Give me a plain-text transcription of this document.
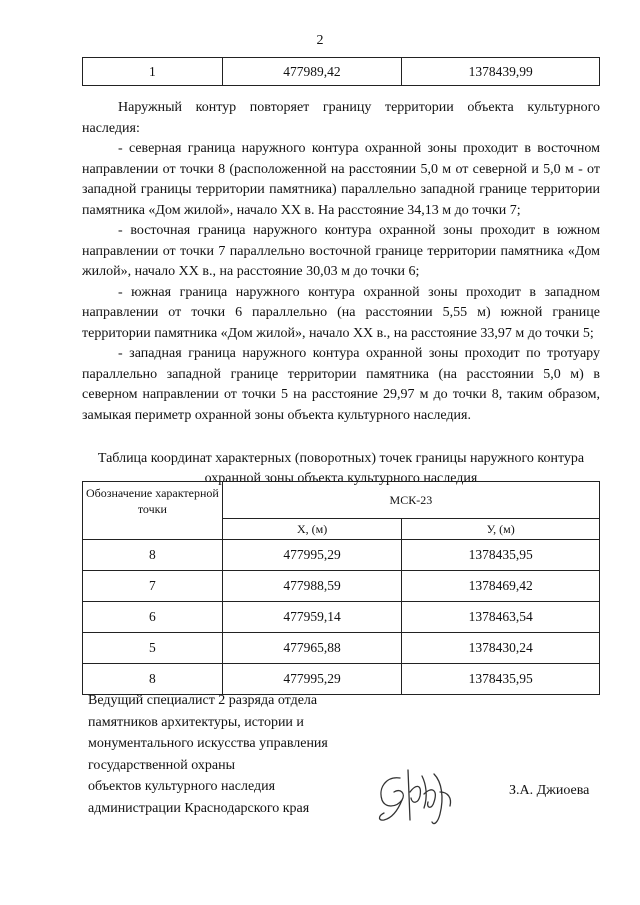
2
1	477989,42	1378439,99

Наружный контур повторяет границу территории объекта культурного наследия:

- северная граница наружного контура охранной зоны проходит в восточном направлении от точки 8 (расположенной на расстоянии 5,0 м от северной и 5,0 м - от западной границы территории памятника) параллельно западной границе территории памятника «Дом жилой», начало XX в. На расстояние 34,13 м до точки 7;

- восточная граница наружного контура охранной зоны проходит в южном направлении от точки 7 параллельно восточной границе территории памятника «Дом жилой», начало XX в., на расстояние 30,03 м до точки 6;

- южная граница наружного контура охранной зоны проходит в западном направлении от точки 6 параллельно (на расстоянии 5,55 м) южной границе территории памятника «Дом жилой», начало XX в., на расстояние 33,97 м до точки 5;

- западная граница наружного контура охранной зоны проходит по тротуару параллельно западной границе территории памятника (на расстоянии 5,0 м) в северном направлении от точки 5 на расстояние 29,97 м до точки 8, таким образом, замыкая периметр охранной зоны объекта культурного наследия.

Таблица координат характерных (поворотных) точек границы наружного контура охранной зоны объекта культурного наследия
Обозначение характерной точки	МСК-23	
	X, (м)	У, (м)
8	477995,29	1378435,95
7	477988,59	1378469,42
6	477959,14	1378463,54
5	477965,88	1378430,24
8	477995,29	1378435,95
Ведущий специалист 2 разряда отдела
памятников архитектуры, истории и
монументального искусства управления
государственной охраны
объектов культурного наследия
администрации Краснодарского края
З.А. Джиоева
